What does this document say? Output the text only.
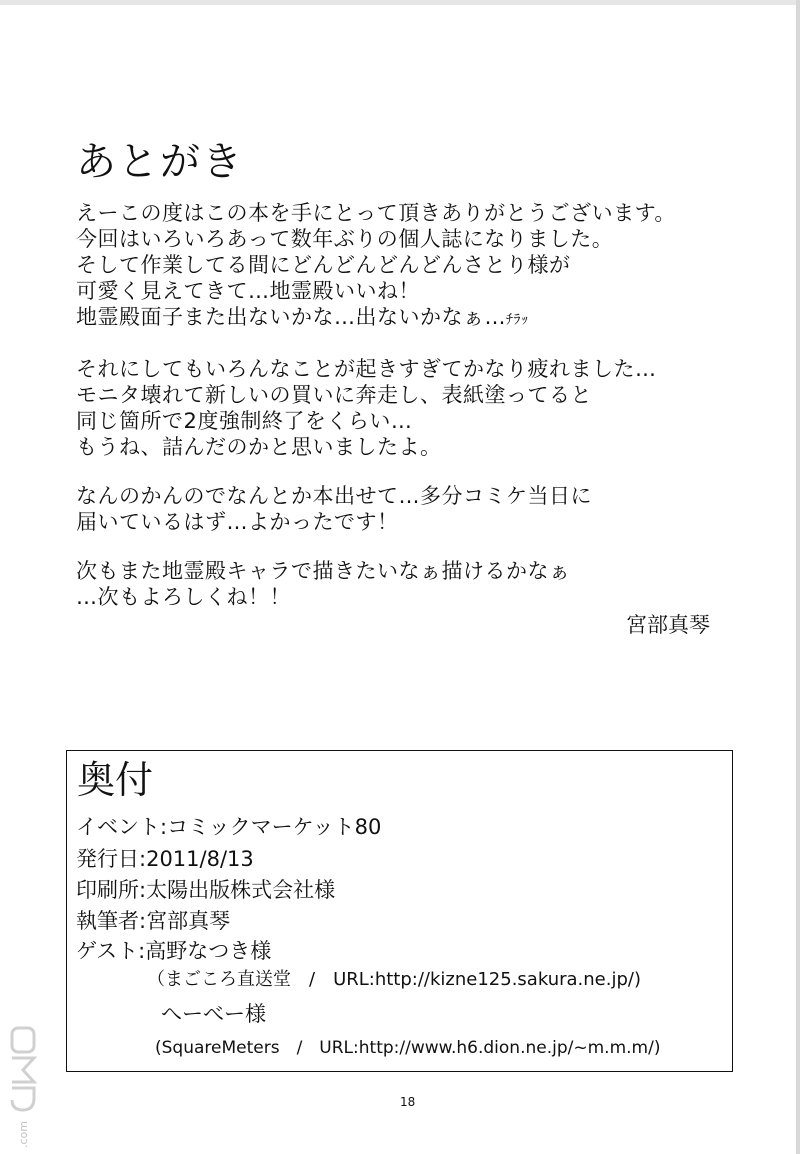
あとがき
えーこの度はこの本を手にとって頂きありがとうございます。
今回はいろいろあって数年ぶりの個人誌になりました。
そして作業してる間にどんどんどんどんさとり様が
可愛く見えてきて…地霊殿いいね！
地霊殿面子また出ないかな…出ないかなぁ…ﾁﾗｯ
それにしてもいろんなことが起きすぎてかなり疲れました…
モニタ壊れて新しいの買いに奔走し、表紙塗ってると
同じ箇所で2度強制終了をくらい…
もうね、詰んだのかと思いましたよ。
なんのかんのでなんとか本出せて…多分コミケ当日に
届いているはず…よかったです！
次もまた地霊殿キャラで描きたいなぁ描けるかなぁ
…次もよろしくね！！
宮部真琴
奥付
イベント:コミックマーケット80
発行日:2011/8/13
印刷所:太陽出版株式会社様
執筆者:宮部真琴
ゲスト:高野なつき様
（まごころ直送堂　/　URL:http://kizne125.sakura.ne.jp/)
へーべー様
(SquareMeters　/　URL:http://www.h6.dion.ne.jp/~m.m.m/)
18
.com
